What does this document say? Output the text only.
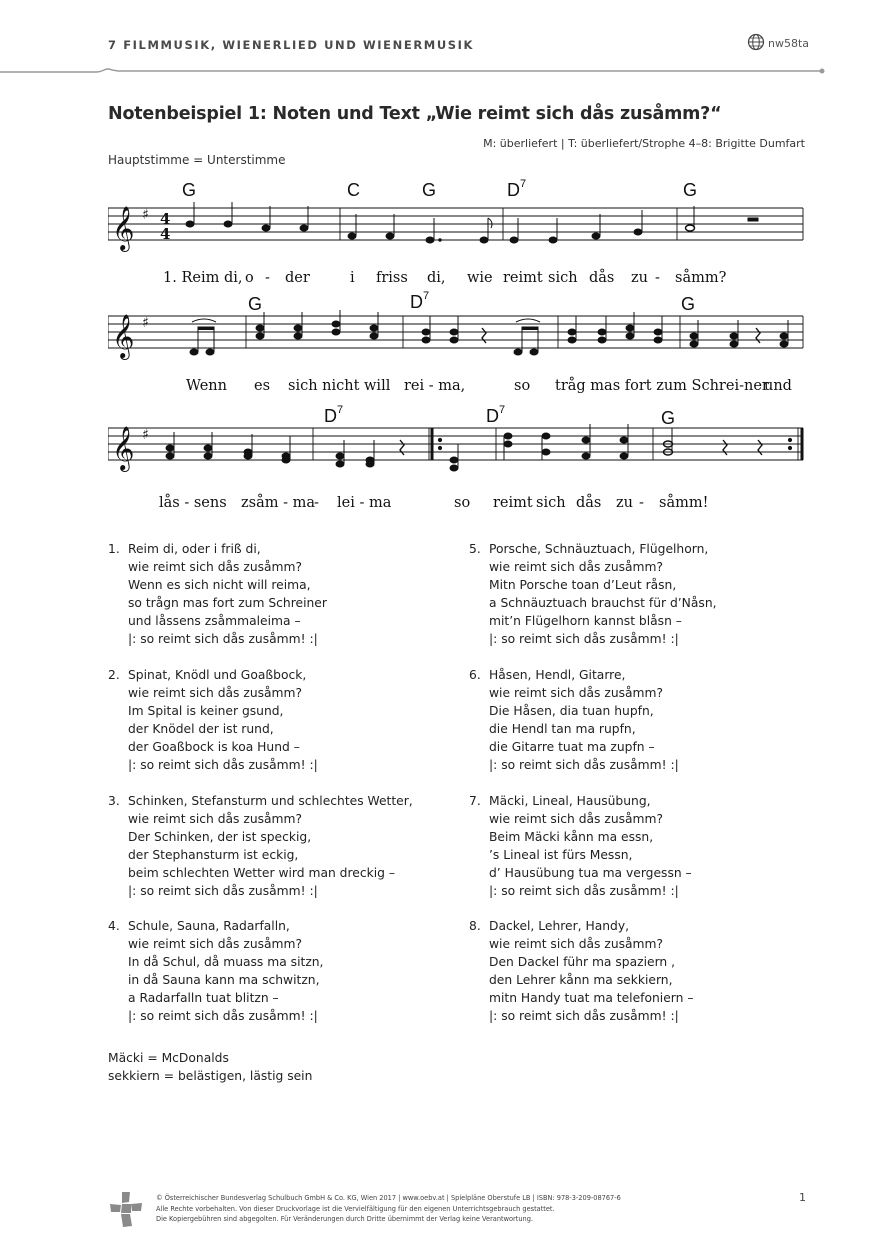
7 FILMMUSIK, WIENERLIED UND WIENERMUSIK	nw58ta
Notenbeispiel 1: Noten und Text „Wie reimt sich dås zusåmm?“
M: überliefert | T: überliefert/Strophe 4–8: Brigitte Dumfart
Hauptstimme = Unterstimme
G	C	G	$D^7$	G
𝄞 ♯ 4
4
1. Reim di, o - der	i friss di, wie reimt sich dås zu - såmm?
G	$D^7$	G
𝄞 ♯
Wenn es sich nicht will rei - ma,	so tråg mas fort zum Schrei-ner
und
$D^7$	$D^7$	G
𝄞 ♯
lås - sens zsåm - ma - lei - ma	so reimt sich dås zu - såmm!
1. Reim di, oder i friß di,
wie reimt sich dås zusåmm?
Wenn es sich nicht will reima,
so trågn mas fort zum Schreiner
und låssens zsåmmaleima –
|: so reimt sich dås zusåmm! :|
2. Spinat, Knödl und Goaßbock,
wie reimt sich dås zusåmm?
Im Spital is keiner gsund,
der Knödel der ist rund,
der Goaßbock is koa Hund –
|: so reimt sich dås zusåmm! :|
3. Schinken, Stefansturm und schlechtes Wetter,
wie reimt sich dås zusåmm?
Der Schinken, der ist speckig,
der Stephansturm ist eckig,
beim schlechten Wetter wird man dreckig –
|: so reimt sich dås zusåmm! :|
4. Schule, Sauna, Radarfalln,
wie reimt sich dås zusåmm?
In då Schul, då muass ma sitzn,
in då Sauna kann ma schwitzn,
a Radarfalln tuat blitzn –
|: so reimt sich dås zusåmm! :|
5. Porsche, Schnäuztuach, Flügelhorn,
wie reimt sich dås zusåmm?
Mitn Porsche toan d’Leut råsn,
a Schnäuztuach brauchst für d’Nåsn,
mit’n Flügelhorn kannst blåsn –
|: so reimt sich dås zusåmm! :|
6. Håsen, Hendl, Gitarre,
wie reimt sich dås zusåmm?
Die Håsen, dia tuan hupfn,
die Hendl tan ma rupfn,
die Gitarre tuat ma zupfn –
|: so reimt sich dås zusåmm! :|
7. Mäcki, Lineal, Hausübung,
wie reimt sich dås zusåmm?
Beim Mäcki kånn ma essn,
’s Lineal ist fürs Messn,
d’ Hausübung tua ma vergessn –
|: so reimt sich dås zusåmm! :|
8. Dackel, Lehrer, Handy,
wie reimt sich dås zusåmm?
Den Dackel führ ma spaziern ,
den Lehrer kånn ma sekkiern,
mitn Handy tuat ma telefoniern –
|: so reimt sich dås zusåmm! :|
Mäcki = McDonalds
sekkiern = belästigen, lästig sein
© Österreichischer Bundesverlag Schulbuch GmbH & Co. KG, Wien 2017 | www.oebv.at | Spielpläne Oberstufe LB | ISBN: 978-3-209-08767-6
Alle Rechte vorbehalten. Von dieser Druckvorlage ist die Vervielfältigung für den eigenen Unterrichtsgebrauch gestattet.
Die Kopiergebühren sind abgegolten. Für Veränderungen durch Dritte übernimmt der Verlag keine Verantwortung.
1
